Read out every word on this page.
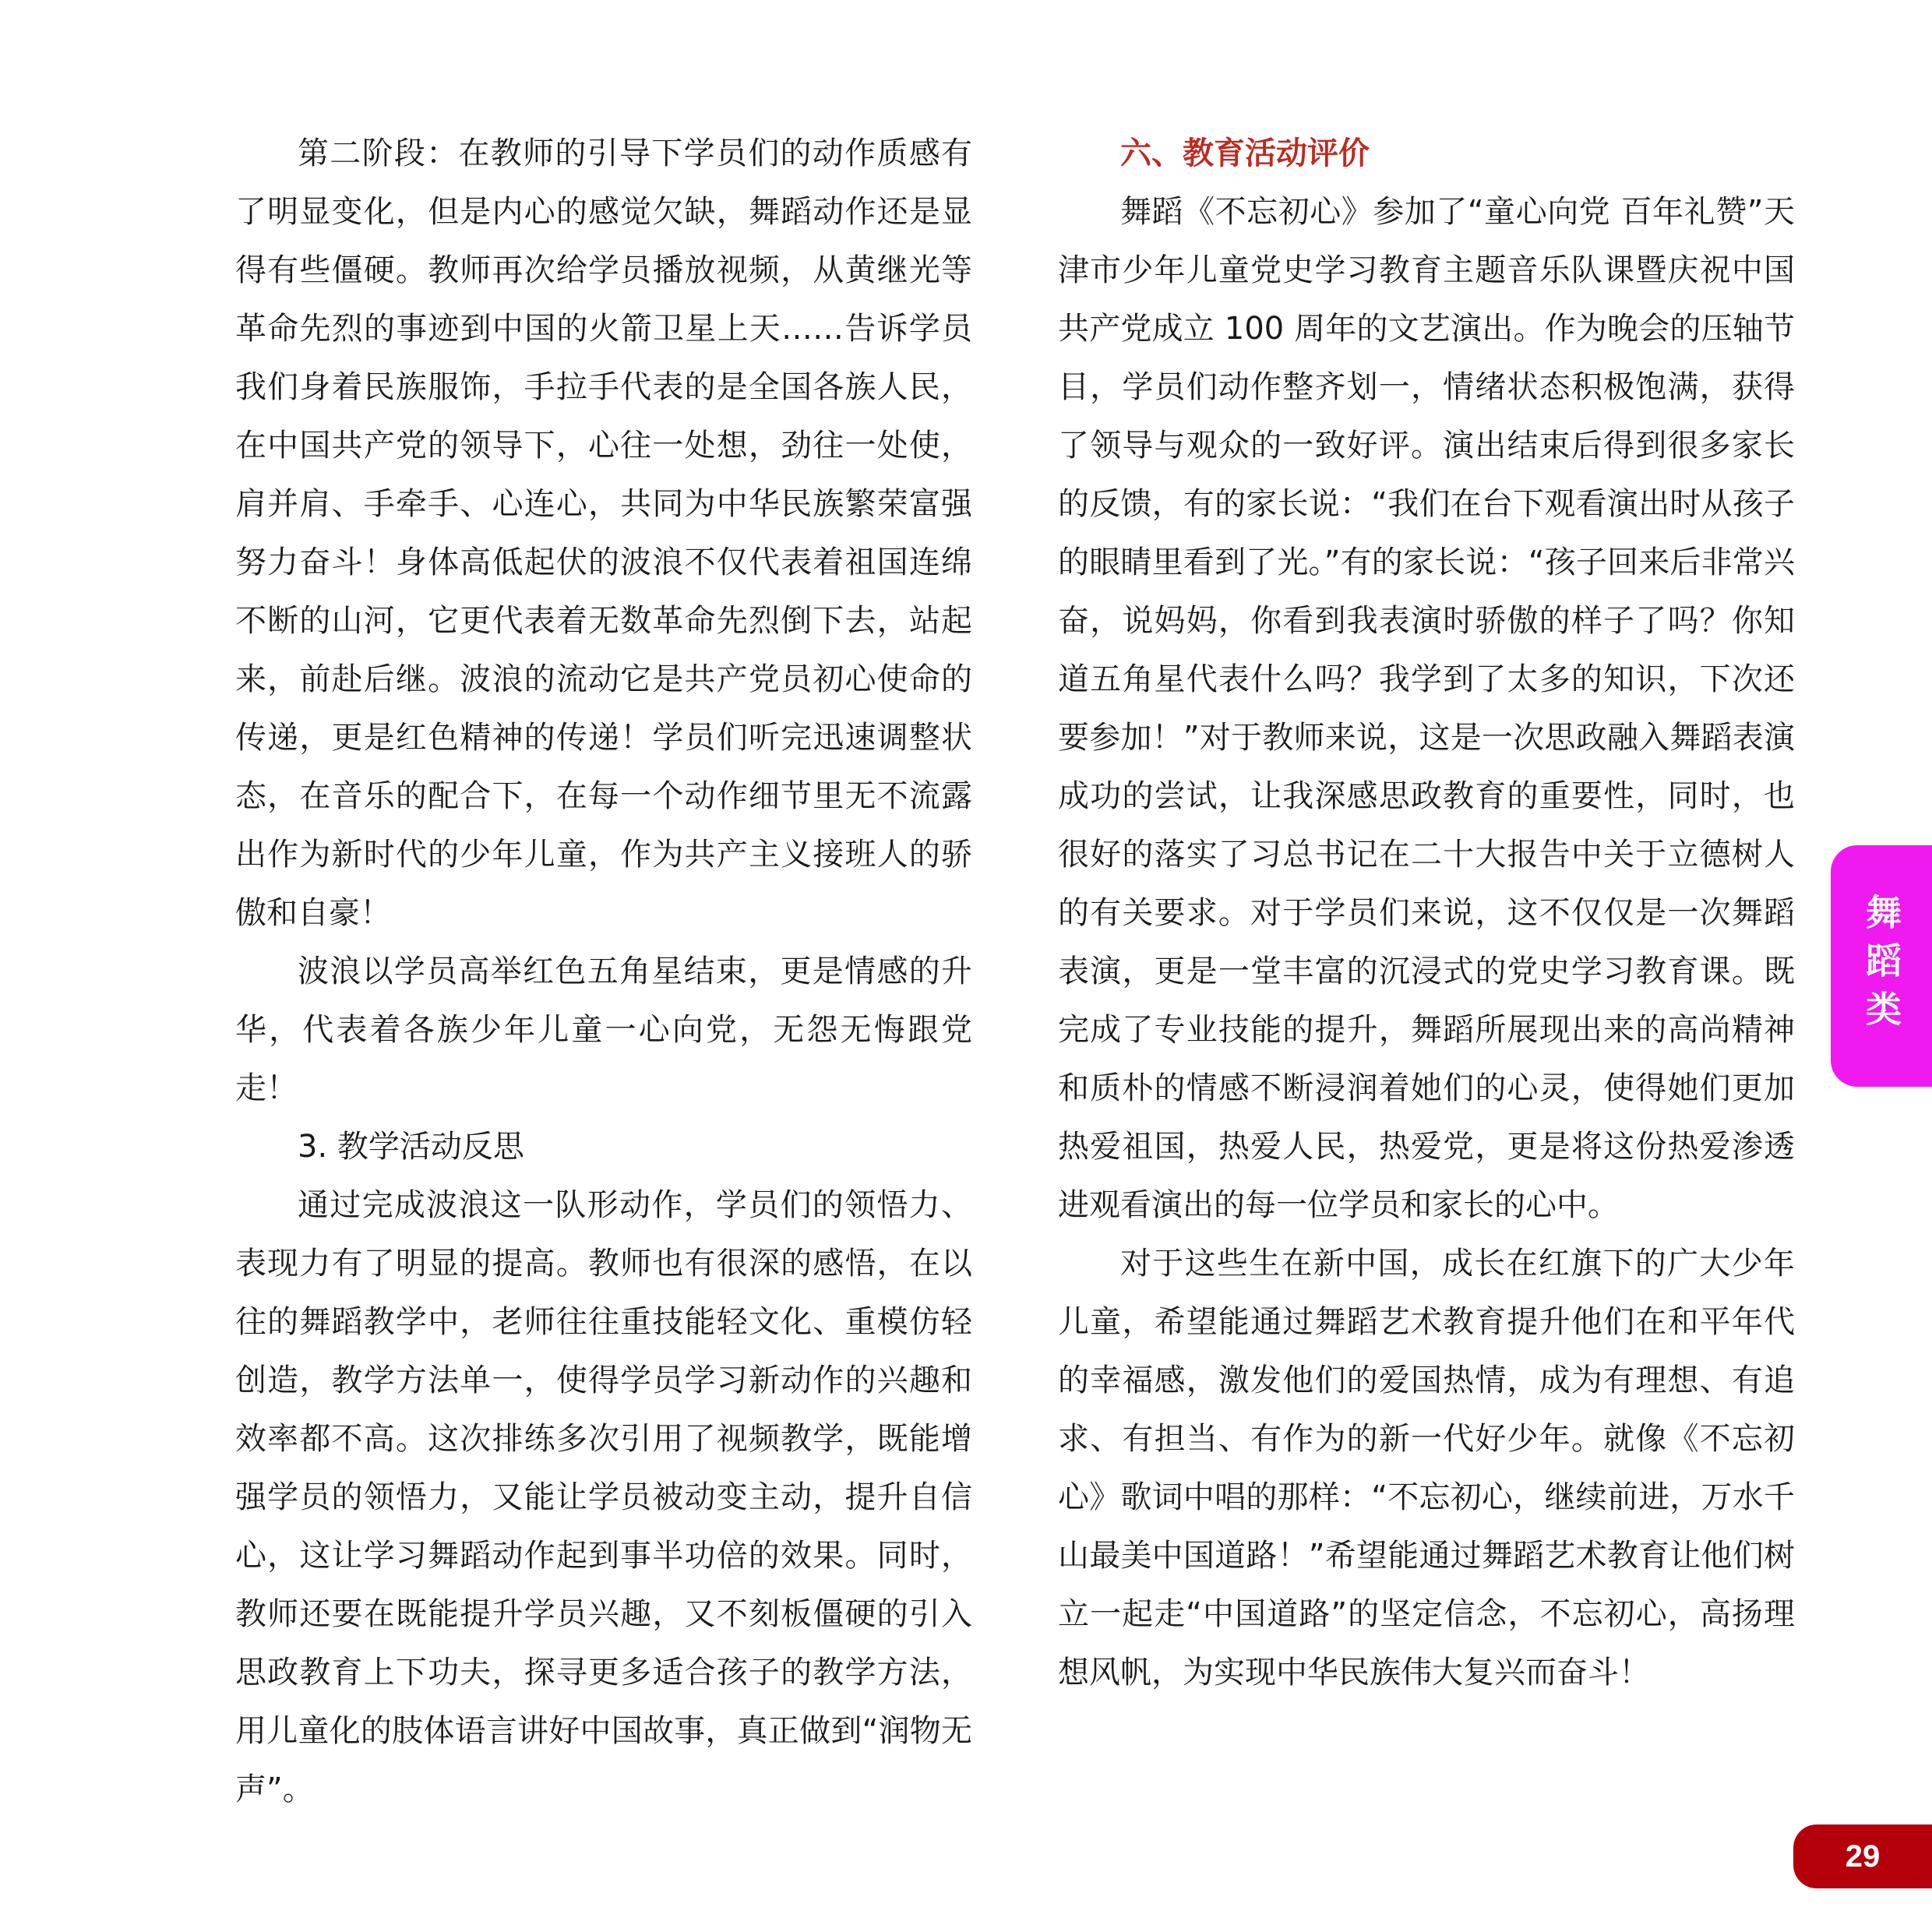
第二阶段：在教师的引导下学员们的动作质感有了明显变化，但是内心的感觉欠缺，舞蹈动作还是显得有些僵硬。教师再次给学员播放视频，从黄继光等革命先烈的事迹到中国的火箭卫星上天……告诉学员我们身着民族服饰，手拉手代表的是全国各族人民，在中国共产党的领导下，心往一处想，劲往一处使，肩并肩、手牵手、心连心，共同为中华民族繁荣富强努力奋斗！身体高低起伏的波浪不仅代表着祖国连绵不断的山河，它更代表着无数革命先烈倒下去，站起来，前赴后继。波浪的流动它是共产党员初心使命的传递，更是红色精神的传递！学员们听完迅速调整状态，在音乐的配合下，在每一个动作细节里无不流露出作为新时代的少年儿童，作为共产主义接班人的骄傲和自豪！

波浪以学员高举红色五角星结束，更是情感的升华，代表着各族少年儿童一心向党，无怨无悔跟党走！

3. 教学活动反思

通过完成波浪这一队形动作，学员们的领悟力、表现力有了明显的提高。教师也有很深的感悟，在以往的舞蹈教学中，老师往往重技能轻文化、重模仿轻创造，教学方法单一，使得学员学习新动作的兴趣和效率都不高。这次排练多次引用了视频教学，既能增强学员的领悟力，又能让学员被动变主动，提升自信心，这让学习舞蹈动作起到事半功倍的效果。同时，教师还要在既能提升学员兴趣，又不刻板僵硬的引入思政教育上下功夫，探寻更多适合孩子的教学方法，用儿童化的肢体语言讲好中国故事，真正做到“润物无声”。

六、教育活动评价

舞蹈《不忘初心》参加了“童心向党 百年礼赞”天津市少年儿童党史学习教育主题音乐队课暨庆祝中国共产党成立 100 周年的文艺演出。作为晚会的压轴节目，学员们动作整齐划一，情绪状态积极饱满，获得了领导与观众的一致好评。演出结束后得到很多家长的反馈，有的家长说：“我们在台下观看演出时从孩子的眼睛里看到了光。”有的家长说：“孩子回来后非常兴奋，说妈妈，你看到我表演时骄傲的样子了吗？你知道五角星代表什么吗？我学到了太多的知识，下次还要参加！”对于教师来说，这是一次思政融入舞蹈表演成功的尝试，让我深感思政教育的重要性，同时，也很好的落实了习总书记在二十大报告中关于立德树人的有关要求。对于学员们来说，这不仅仅是一次舞蹈表演，更是一堂丰富的沉浸式的党史学习教育课。既完成了专业技能的提升，舞蹈所展现出来的高尚精神和质朴的情感不断浸润着她们的心灵，使得她们更加热爱祖国，热爱人民，热爱党，更是将这份热爱渗透进观看演出的每一位学员和家长的心中。

对于这些生在新中国，成长在红旗下的广大少年儿童，希望能通过舞蹈艺术教育提升他们在和平年代的幸福感，激发他们的爱国热情，成为有理想、有追求、有担当、有作为的新一代好少年。就像《不忘初心》歌词中唱的那样：“不忘初心，继续前进，万水千山最美中国道路！”希望能通过舞蹈艺术教育让他们树立一起走“中国道路”的坚定信念，不忘初心，高扬理想风帆，为实现中华民族伟大复兴而奋斗！

舞蹈类
29
